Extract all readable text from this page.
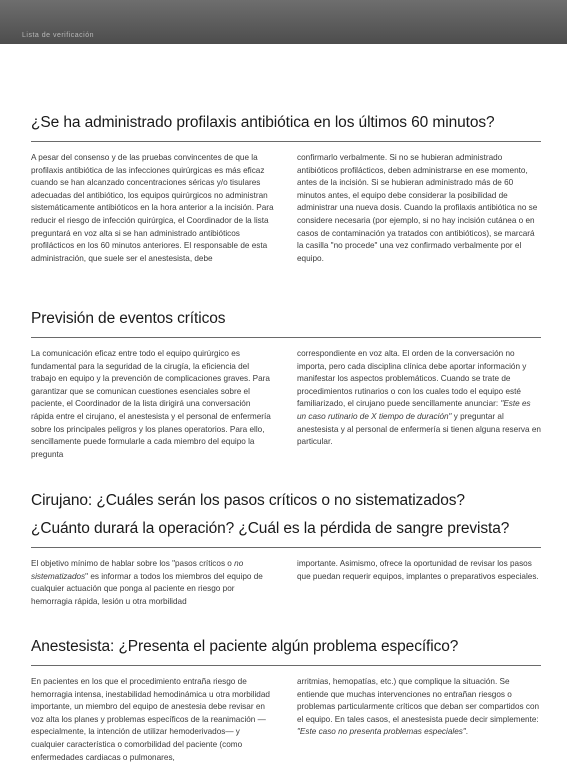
Lista de verificación
¿Se ha administrado profilaxis antibiótica en los últimos 60 minutos?

A pesar del consenso y de las pruebas convincentes de que la profilaxis antibiótica de las infecciones quirúrgicas es más eficaz cuando se han alcanzado concentraciones séricas y/o tisulares adecuadas del antibiótico, los equipos quirúrgicos no administran sistemáticamente antibióticos en la hora anterior a la incisión. Para reducir el riesgo de infección quirúrgica, el Coordinador de la lista preguntará en voz alta si se han administrado antibióticos profilácticos en los 60 minutos anteriores. El responsable de esta administración, que suele ser el anestesista, debe

confirmarlo verbalmente. Si no se hubieran administrado antibióticos profilácticos, deben administrarse en ese momento, antes de la incisión. Si se hubieran administrado más de 60 minutos antes, el equipo debe considerar la posibilidad de administrar una nueva dosis. Cuando la profilaxis antibiótica no se considere necesaria (por ejemplo, si no hay incisión cutánea o en casos de contaminación ya tratados con antibióticos), se marcará la casilla "no procede" una vez confirmado verbalmente por el equipo.

Previsión de eventos críticos

La comunicación eficaz entre todo el equipo quirúrgico es fundamental para la seguridad de la cirugía, la eficiencia del trabajo en equipo y la prevención de complicaciones graves. Para garantizar que se comunican cuestiones esenciales sobre el paciente, el Coordinador de la lista dirigirá una conversación rápida entre el cirujano, el anestesista y el personal de enfermería sobre los principales peligros y los planes operatorios. Para ello, sencillamente puede formularle a cada miembro del equipo la pregunta

correspondiente en voz alta. El orden de la conversación no importa, pero cada disciplina clínica debe aportar información y manifestar los aspectos problemáticos. Cuando se trate de procedimientos rutinarios o con los cuales todo el equipo esté familiarizado, el cirujano puede sencillamente anunciar: "Este es un caso rutinario de X tiempo de duración" y preguntar al anestesista y al personal de enfermería si tienen alguna reserva en particular.

Cirujano: ¿Cuáles serán los pasos críticos o no sistematizados?
¿Cuánto durará la operación? ¿Cuál es la pérdida de sangre prevista?

El objetivo mínimo de hablar sobre los "pasos críticos o no sistematizados" es informar a todos los miembros del equipo de cualquier actuación que ponga al paciente en riesgo por hemorragia rápida, lesión u otra morbilidad

importante. Asimismo, ofrece la oportunidad de revisar los pasos que puedan requerir equipos, implantes o preparativos especiales.

Anestesista: ¿Presenta el paciente algún problema específico?

En pacientes en los que el procedimiento entraña riesgo de hemorragia intensa, inestabilidad hemodinámica u otra morbilidad importante, un miembro del equipo de anestesia debe revisar en voz alta los planes y problemas específicos de la reanimación —especialmente, la intención de utilizar hemoderivados— y cualquier característica o comorbilidad del paciente (como enfermedades cardiacas o pulmonares,

arritmias, hemopatías, etc.) que complique la situación. Se entiende que muchas intervenciones no entrañan riesgos o problemas particularmente críticos que deban ser compartidos con el equipo. En tales casos, el anestesista puede decir simplemente: "Este caso no presenta problemas especiales".
